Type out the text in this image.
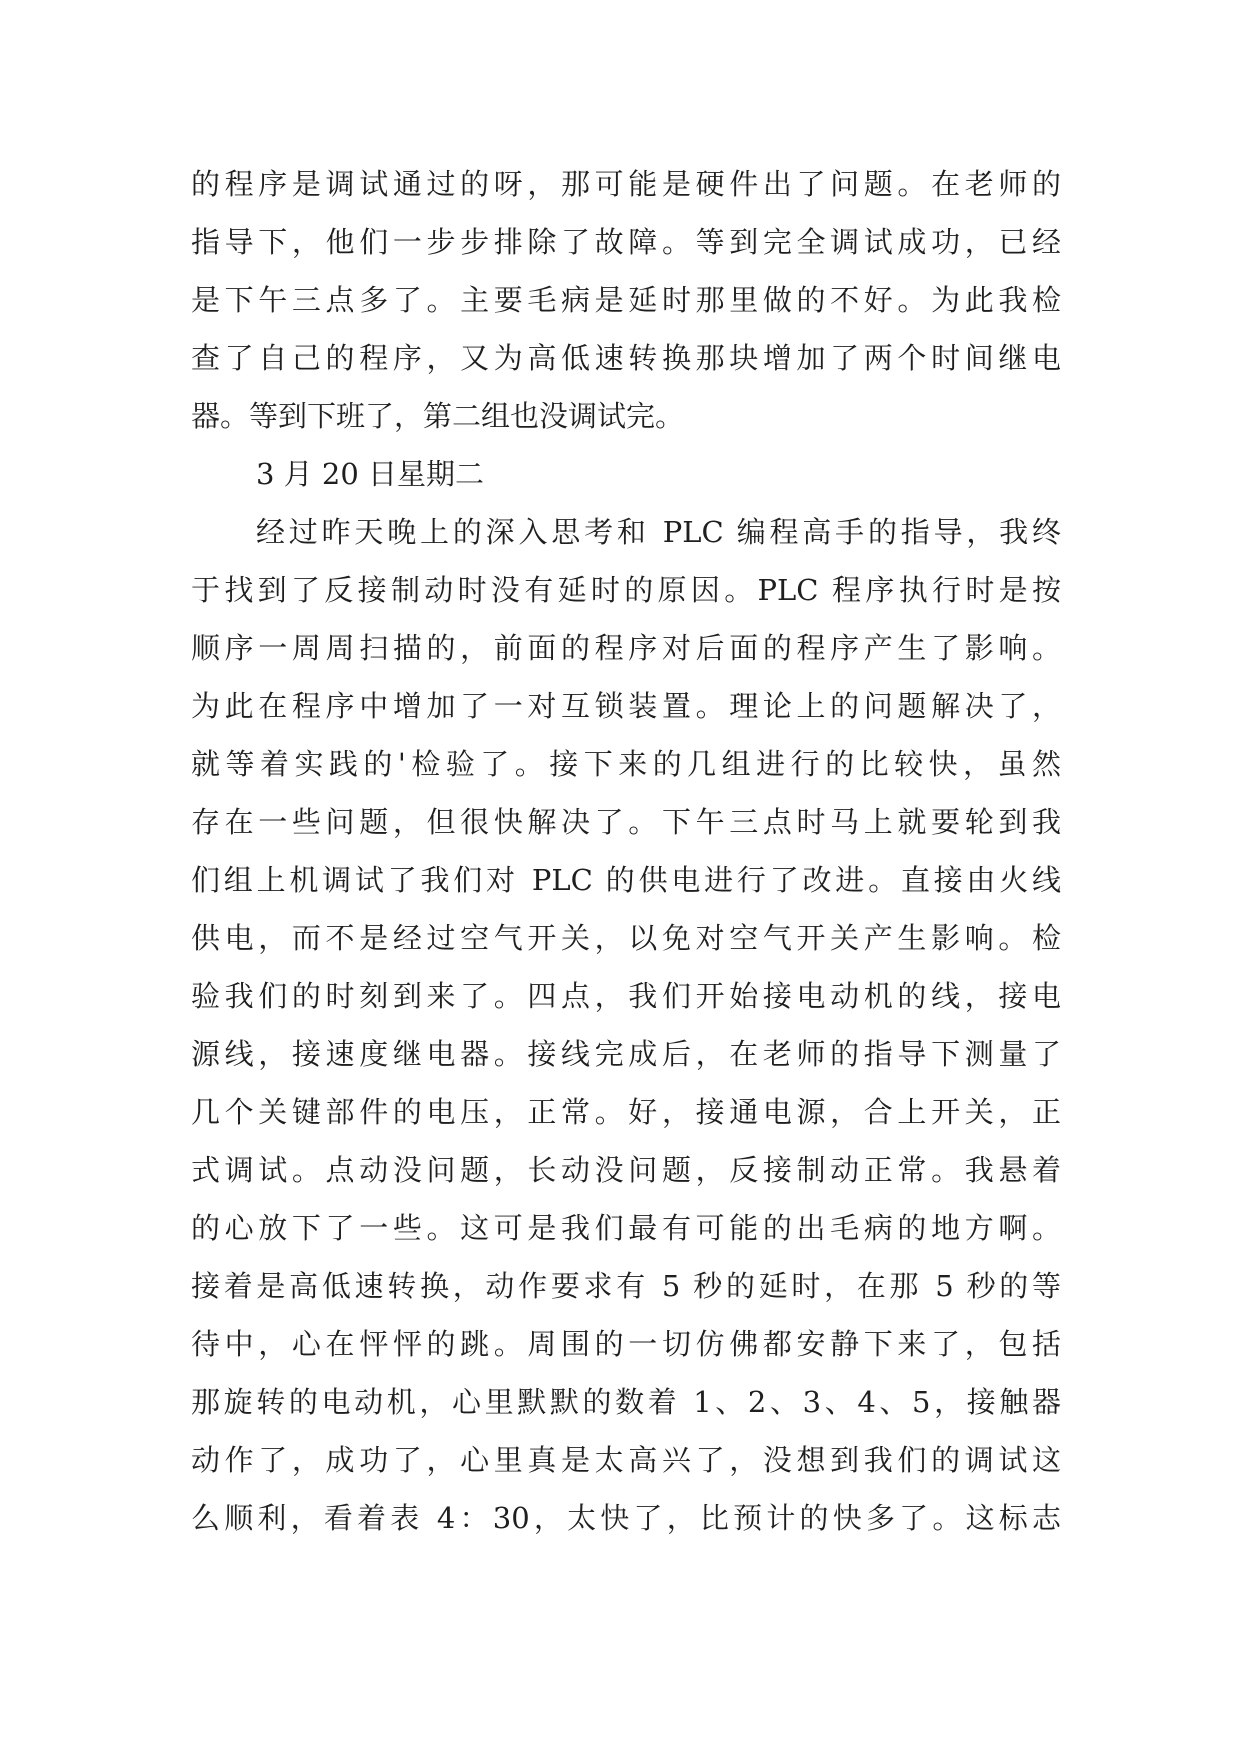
的程序是调试通过的呀，那可能是硬件出了问题。在老师的
指导下，他们一步步排除了故障。等到完全调试成功，已经
是下午三点多了。主要毛病是延时那里做的不好。为此我检
查了自己的程序，又为高低速转换那块增加了两个时间继电
器。等到下班了，第二组也没调试完。
3 月 20 日星期二
经过昨天晚上的深入思考和 PLC 编程高手的指导，我终
于找到了反接制动时没有延时的原因。PLC 程序执行时是按
顺序一周周扫描的，前面的程序对后面的程序产生了影响。
为此在程序中增加了一对互锁装置。理论上的问题解决了，
就等着实践的'检验了。接下来的几组进行的比较快，虽然
存在一些问题，但很快解决了。下午三点时马上就要轮到我
们组上机调试了我们对 PLC 的供电进行了改进。直接由火线
供电，而不是经过空气开关，以免对空气开关产生影响。检
验我们的时刻到来了。四点，我们开始接电动机的线，接电
源线，接速度继电器。接线完成后，在老师的指导下测量了
几个关键部件的电压，正常。好，接通电源，合上开关，正
式调试。点动没问题，长动没问题，反接制动正常。我悬着
的心放下了一些。这可是我们最有可能的出毛病的地方啊。
接着是高低速转换，动作要求有 5 秒的延时，在那 5 秒的等
待中，心在怦怦的跳。周围的一切仿佛都安静下来了，包括
那旋转的电动机，心里默默的数着 1、2、3、4、5，接触器
动作了，成功了，心里真是太高兴了，没想到我们的调试这
么顺利，看着表 4：30，太快了，比预计的快多了。这标志
